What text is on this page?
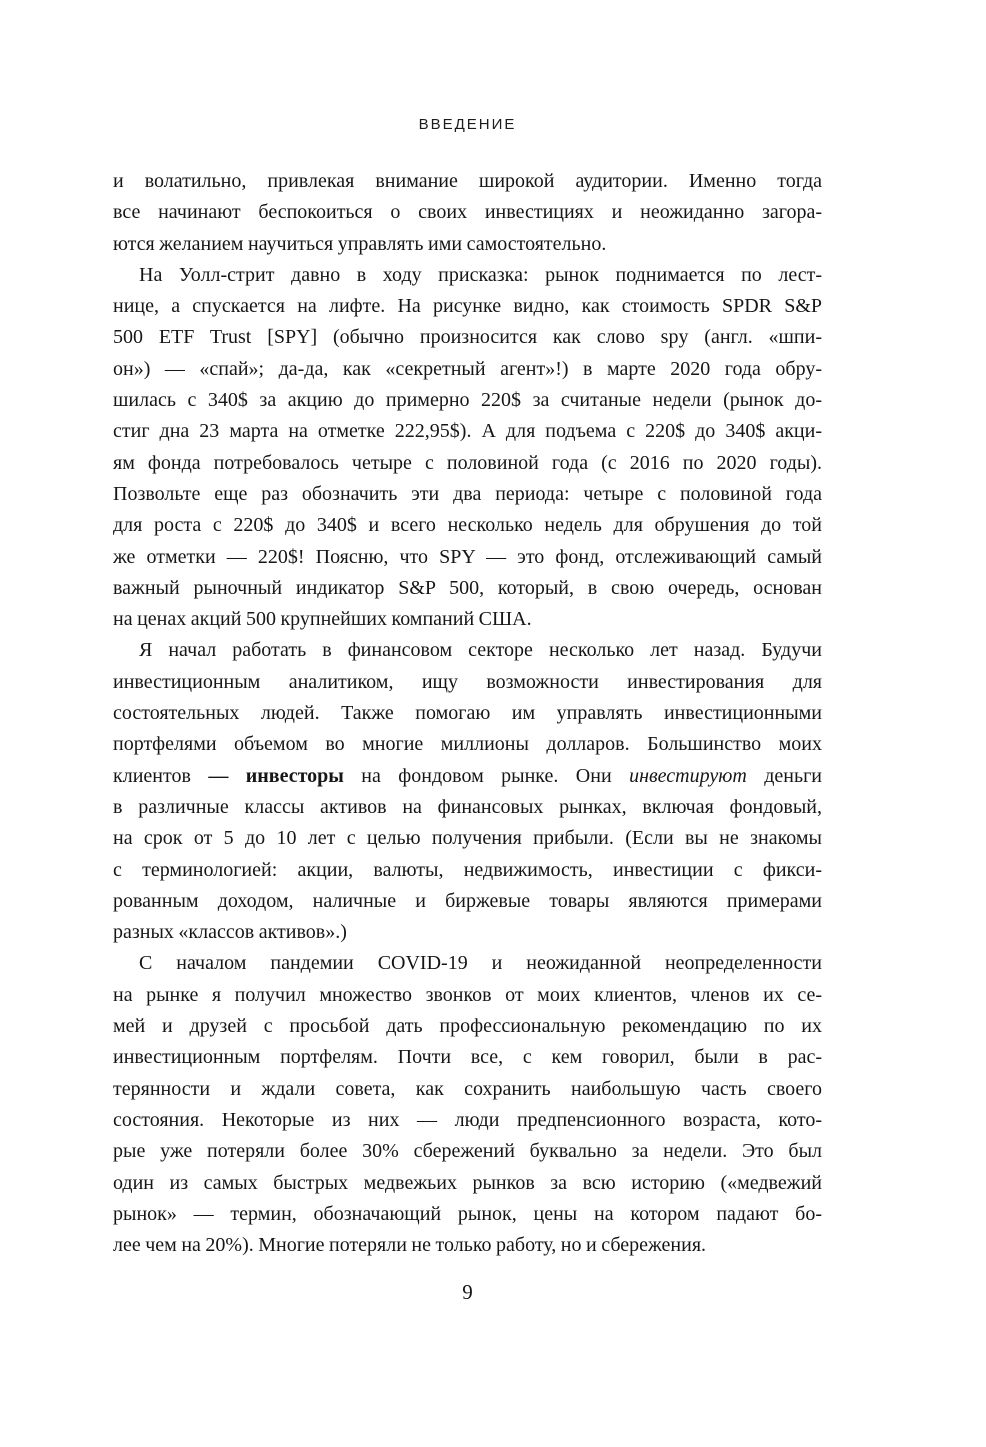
ВВЕДЕНИЕ
и волатильно, привлекая внимание широкой аудитории. Именно тогда
все начинают беспокоиться о своих инвестициях и неожиданно загора-
ются желанием научиться управлять ими самостоятельно.
На Уолл-стрит давно в ходу присказка: рынок поднимается по лест-
нице, а спускается на лифте. На рисунке видно, как стоимость SPDR S&P
500 ETF Trust [SPY] (обычно произносится как слово spy (англ. «шпи-
он») — «спай»; да-да, как «секретный агент»!) в марте 2020 года обру-
шилась с 340$ за акцию до примерно 220$ за считаные недели (рынок до-
стиг дна 23 марта на отметке 222,95$). А для подъема с 220$ до 340$ акци-
ям фонда потребовалось четыре с половиной года (с 2016 по 2020 годы).
Позвольте еще раз обозначить эти два периода: четыре с половиной года
для роста с 220$ до 340$ и всего несколько недель для обрушения до той
же отметки — 220$! Поясню, что SPY — это фонд, отслеживающий самый
важный рыночный индикатор S&P 500, который, в свою очередь, основан
на ценах акций 500 крупнейших компаний США.
Я начал работать в финансовом секторе несколько лет назад. Будучи
инвестиционным аналитиком, ищу возможности инвестирования для
состоятельных людей. Также помогаю им управлять инвестиционными
портфелями объемом во многие миллионы долларов. Большинство моих
клиентов — инвесторы на фондовом рынке. Они инвестируют деньги
в различные классы активов на финансовых рынках, включая фондовый,
на срок от 5 до 10 лет с целью получения прибыли. (Если вы не знакомы
с терминологией: акции, валюты, недвижимость, инвестиции с фикси-
рованным доходом, наличные и биржевые товары являются примерами
разных «классов активов».)
С началом пандемии COVID-19 и неожиданной неопределенности
на рынке я получил множество звонков от моих клиентов, членов их се-
мей и друзей с просьбой дать профессиональную рекомендацию по их
инвестиционным портфелям. Почти все, с кем говорил, были в рас-
терянности и ждали совета, как сохранить наибольшую часть своего
состояния. Некоторые из них — люди предпенсионного возраста, кото-
рые уже потеряли более 30% сбережений буквально за недели. Это был
один из самых быстрых медвежьих рынков за всю историю («медвежий
рынок» — термин, обозначающий рынок, цены на котором падают бо-
лее чем на 20%). Многие потеряли не только работу, но и сбережения.
9
